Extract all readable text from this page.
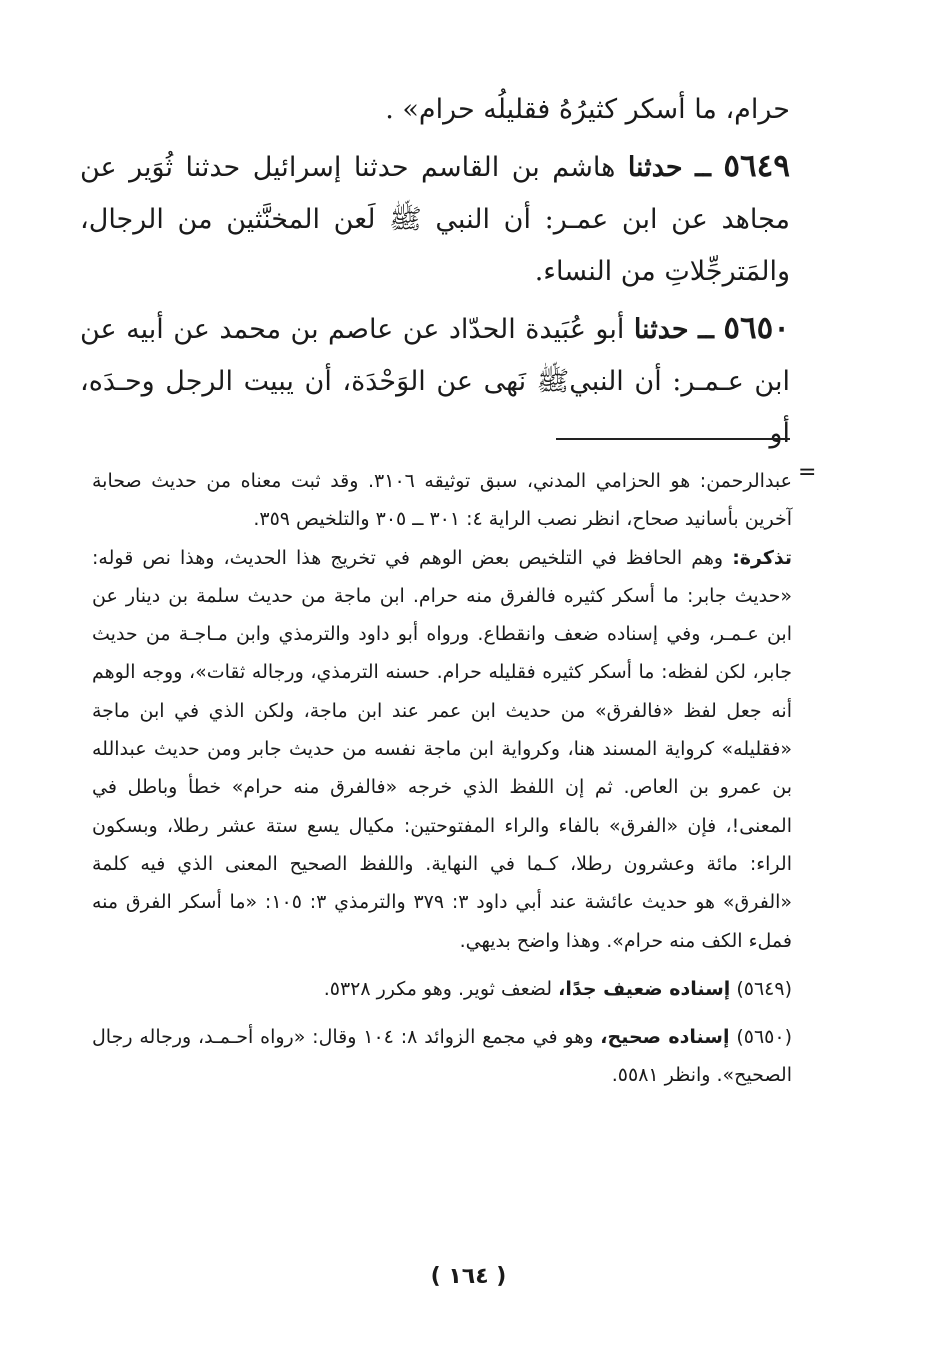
حرام، ما أسكر كثيرُهُ فقليلُه حرام» .

٥٦٤٩ ــ حدثنا هاشم بن القاسم حدثنا إسرائيل حدثنا ثُوَير عن مجاهد عن ابن عمـر: أن النبي ﷺ لَعن المخنَّثين من الرجال، والمَترجِّلاتِ من النساء.

٥٦٥٠ ــ حدثنا أبو عُبَيدة الحدّاد عن عاصم بن محمد عن أبيه عن ابن عـمـر: أن النبيﷺ نَهى عن الوَحْدَة، أن يبيت الرجل وحـدَه، أو

=

عبدالرحمن: هو الحزامي المدني، سبق توثيقه ٣١٠٦. وقد ثبت معناه من حديث صحابة آخرين بأسانيد صحاح، انظر نصب الراية ٤: ٣٠١ ــ ٣٠٥ والتلخيص ٣٥٩.

تذكرة: وهم الحافظ في التلخيص بعض الوهم في تخريج هذا الحديث، وهذا نص قوله: «حديث جابر: ما أسكر كثيره فالفرق منه حرام. ابن ماجة من حديث سلمة بن دينار عن ابن عـمـر، وفي إسناده ضعف وانقطاع. ورواه أبو داود والترمذي وابن مـاجـة من حديث جابر، لكن لفظه: ما أسكر كثيره فقليله حرام. حسنه الترمذي، ورجاله ثقات»، ووجه الوهم أنه جعل لفظ «فالفرق» من حديث ابن عمر عند ابن ماجة، ولكن الذي في ابن ماجة «فقليله» كرواية المسند هنا، وكرواية ابن ماجة نفسه من حديث جابر ومن حديث عبدالله بن عمرو بن العاص. ثم إن اللفظ الذي خرجه «فالفرق منه حرام» خطأ وباطل في المعنى!، فإن «الفرق» بالفاء والراء المفتوحتين: مكيال يسع ستة عشر رطلا، وبسكون الراء: مائة وعشرون رطلا، كـما في النهاية. واللفظ الصحيح المعنى الذي فيه كلمة «الفرق» هو حديث عائشة عند أبي داود ٣: ٣٧٩ والترمذي ٣: ١٠٥: «ما أسكر الفرق منه فملء الكف منه حرام». وهذا واضح بديهي.

(٥٦٤٩) إسناده ضعيف جدًا، لضعف ثوير. وهو مكرر ٥٣٢٨.

(٥٦٥٠) إسناده صحيح، وهو في مجمع الزوائد ٨: ١٠٤ وقال: «رواه أحـمـد، ورجاله رجال الصحيح». وانظر ٥٥٨١.

( ١٦٤ )
